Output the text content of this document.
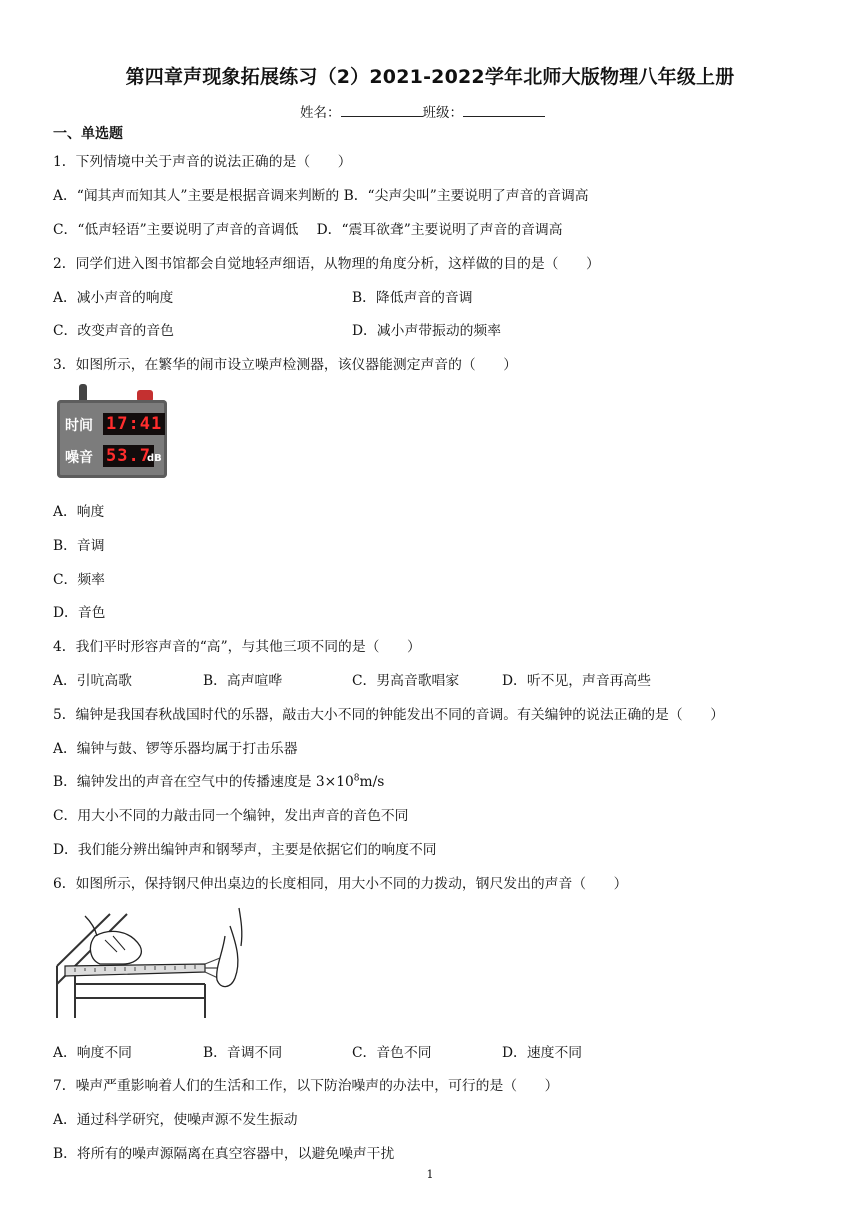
第四章声现象拓展练习（2）2021-2022学年北师大版物理八年级上册
姓名：	班级：
一、单选题
1．下列情境中关于声音的说法正确的是（　　）
A．“闻其声而知其人”主要是根据音调来判断的 B．“尖声尖叫”主要说明了声音的音调高
C．“低声轻语”主要说明了声音的音调低　 D．“震耳欲聋”主要说明了声音的音调高
2．同学们进入图书馆都会自觉地轻声细语，从物理的角度分析，这样做的目的是（　　）
A．减小声音的响度	B．降低声音的音调
C．改变声音的音色	D．减小声带振动的频率
3．如图所示，在繁华的闹市设立噪声检测器，该仪器能测定声音的（　　）
时间 17:41
噪音 53.7
dB
A．响度
B．音调
C．频率
D．音色
4．我们平时形容声音的“高”，与其他三项不同的是（　　）
A．引吭高歌	B．高声喧哗	C．男高音歌唱家	D．听不见，声音再高些
5．编钟是我国春秋战国时代的乐器，敲击大小不同的钟能发出不同的音调。有关编钟的说法正确的是（　　）
A．编钟与鼓、锣等乐器均属于打击乐器
B．编钟发出的声音在空气中的传播速度是 $3\times 10^8m/s$
C．用大小不同的力敲击同一个编钟，发出声音的音色不同
D．我们能分辨出编钟声和钢琴声，主要是依据它们的响度不同
6．如图所示，保持钢尺伸出桌边的长度相同，用大小不同的力拨动，钢尺发出的声音（　　）
A．响度不同	B．音调不同	C．音色不同	D．速度不同
7．噪声严重影响着人们的生活和工作，以下防治噪声的办法中，可行的是（　　）
A．通过科学研究，使噪声源不发生振动
B．将所有的噪声源隔离在真空容器中，以避免噪声干扰
1
